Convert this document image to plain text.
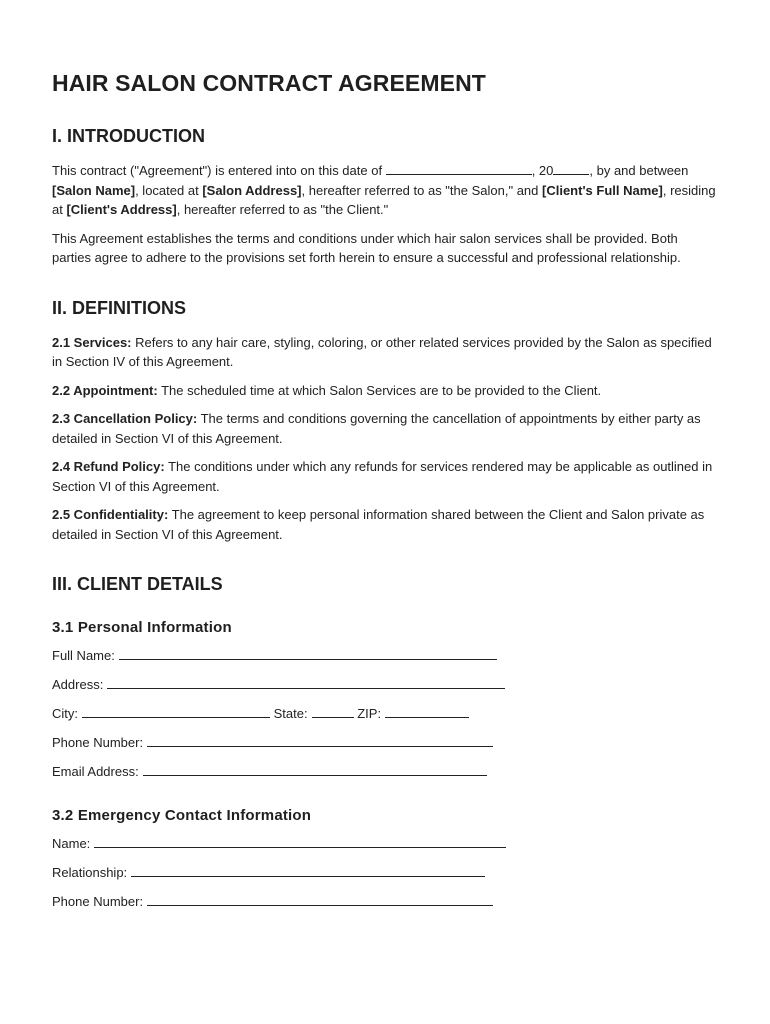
HAIR SALON CONTRACT AGREEMENT
I. INTRODUCTION

This contract ("Agreement") is entered into on this date of	, 20	, by and between [Salon Name], located at [Salon Address], hereafter referred to as "the Salon," and [Client's Full Name], residing at [Client's Address], hereafter referred to as "the Client."

This Agreement establishes the terms and conditions under which hair salon services shall be provided. Both parties agree to adhere to the provisions set forth herein to ensure a successful and professional relationship.

II. DEFINITIONS

2.1 Services: Refers to any hair care, styling, coloring, or other related services provided by the Salon as specified in Section IV of this Agreement.

2.2 Appointment: The scheduled time at which Salon Services are to be provided to the Client.

2.3 Cancellation Policy: The terms and conditions governing the cancellation of appointments by either party as detailed in Section VI of this Agreement.

2.4 Refund Policy: The conditions under which any refunds for services rendered may be applicable as outlined in Section VI of this Agreement.

2.5 Confidentiality: The agreement to keep personal information shared between the Client and Salon private as detailed in Section VI of this Agreement.

III. CLIENT DETAILS
3.1 Personal Information
Full Name:
Address:
City:	State:	ZIP:
Phone Number:
Email Address:
3.2 Emergency Contact Information
Name:
Relationship:
Phone Number:
